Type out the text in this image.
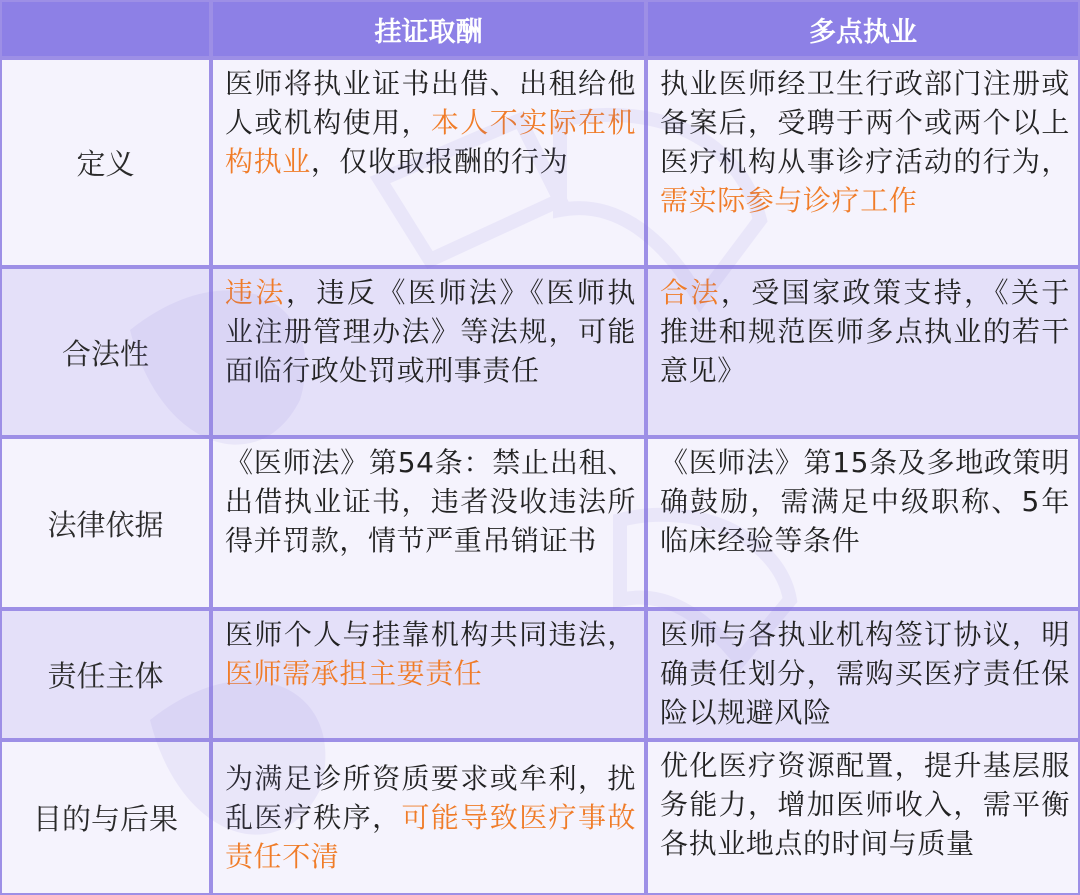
挂证取酬	多点执业
定义
医师将执业证书出借、出租给他人或机构使用，本人不实际在机构执业，仅收取报酬的行为
执业医师经卫生行政部门注册或备案后，受聘于两个或两个以上医疗机构从事诊疗活动的行为，需实际参与诊疗工作
合法性
违法，违反《医师法》《医师执业注册管理办法》等法规，可能面临行政处罚或刑事责任
合法，受国家政策支持，《关于推进和规范医师多点执业的若干意见》
法律依据
《医师法》第54条：禁止出租、出借执业证书，违者没收违法所得并罚款，情节严重吊销证书
《医师法》第15条及多地政策明确鼓励，需满足中级职称、5年临床经验等条件
责任主体
医师个人与挂靠机构共同违法，医师需承担主要责任
医师与各执业机构签订协议，明确责任划分，需购买医疗责任保险以规避风险
目的与后果
为满足诊所资质要求或牟利，扰乱医疗秩序，可能导致医疗事故责任不清
优化医疗资源配置，提升基层服务能力，增加医师收入，需平衡各执业地点的时间与质量
